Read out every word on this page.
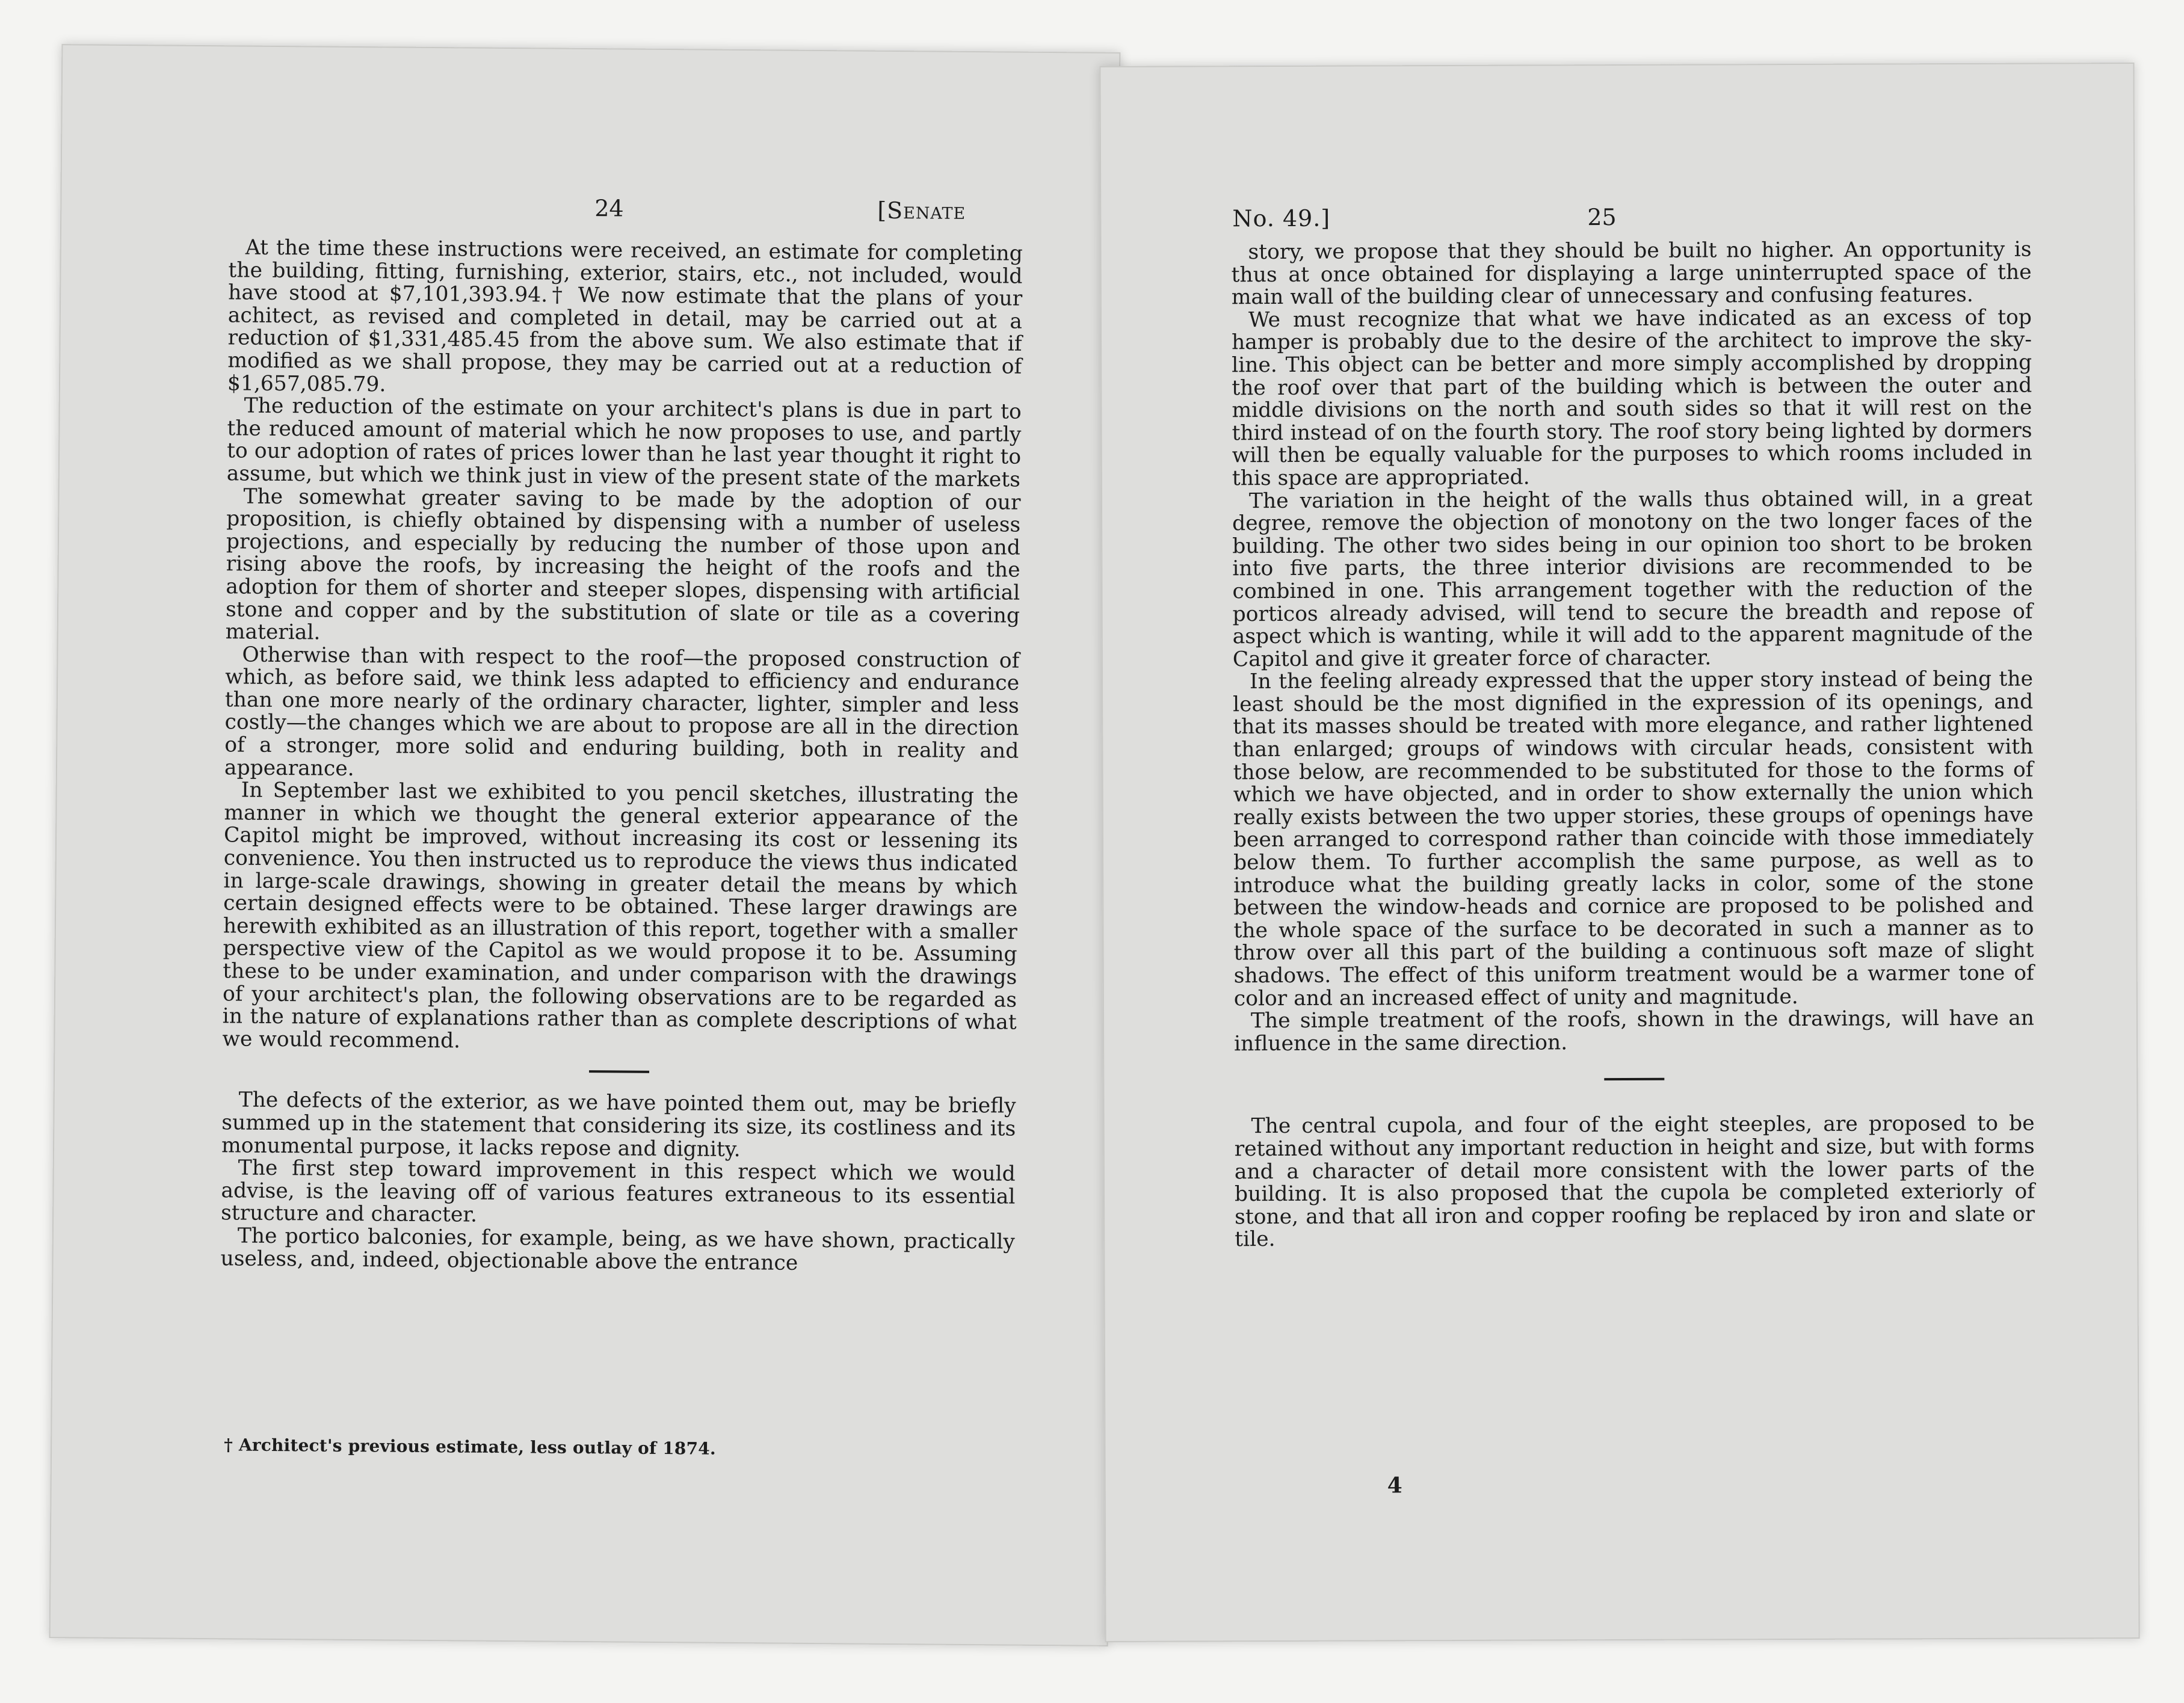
24	[Senate

At the time these instructions were received, an estimate for completing the building, fitting, furnishing, exterior, stairs, etc., not included, would have stood at $7,101,393.94.† We now estimate that the plans of your achitect, as revised and completed in detail, may be carried out at a reduction of $1,331,485.45 from the above sum. We also estimate that if modified as we shall propose, they may be carried out at a reduction of $1,657,085.79.

The reduction of the estimate on your architect's plans is due in part to the reduced amount of material which he now proposes to use, and partly to our adoption of rates of prices lower than he last year thought it right to assume, but which we think just in view of the present state of the markets

The somewhat greater saving to be made by the adoption of our proposition, is chiefly obtained by dispensing with a number of useless projections, and especially by reducing the number of those upon and rising above the roofs, by increasing the height of the roofs and the adoption for them of shorter and steeper slopes, dispensing with artificial stone and copper and by the substitution of slate or tile as a covering material.

Otherwise than with respect to the roof—the proposed construction of which, as before said, we think less adapted to efficiency and endurance than one more nearly of the ordinary character, lighter, simpler and less costly—the changes which we are about to propose are all in the direction of a stronger, more solid and enduring building, both in reality and appearance.

In September last we exhibited to you pencil sketches, illustrating the manner in which we thought the general exterior appearance of the Capitol might be improved, without increasing its cost or lessening its convenience. You then instructed us to reproduce the views thus indicated in large-scale drawings, showing in greater detail the means by which certain designed effects were to be obtained. These larger drawings are herewith exhibited as an illustration of this report, together with a smaller perspective view of the Capitol as we would propose it to be. Assuming these to be under examination, and under comparison with the drawings of your architect's plan, the following observations are to be regarded as in the nature of explanations rather than as complete descriptions of what we would recommend.

The defects of the exterior, as we have pointed them out, may be briefly summed up in the statement that considering its size, its costliness and its monumental purpose, it lacks repose and dignity.

The first step toward improvement in this respect which we would advise, is the leaving off of various features extraneous to its essential structure and character.

The portico balconies, for example, being, as we have shown, practically useless, and, indeed, objectionable above the entrance

† Architect's previous estimate, less outlay of 1874.
No. 49.]	25

story, we propose that they should be built no higher. An opportunity is thus at once obtained for displaying a large uninterrupted space of the main wall of the building clear of unnecessary and confusing features.

We must recognize that what we have indicated as an excess of top hamper is probably due to the desire of the architect to improve the sky-line. This object can be better and more simply accomplished by dropping the roof over that part of the building which is between the outer and middle divisions on the north and south sides so that it will rest on the third instead of on the fourth story. The roof story being lighted by dormers will then be equally valuable for the purposes to which rooms included in this space are appropriated.

The variation in the height of the walls thus obtained will, in a great degree, remove the objection of monotony on the two longer faces of the building. The other two sides being in our opinion too short to be broken into five parts, the three interior divisions are recommended to be combined in one. This arrangement together with the reduction of the porticos already advised, will tend to secure the breadth and repose of aspect which is wanting, while it will add to the apparent magnitude of the Capitol and give it greater force of character.

In the feeling already expressed that the upper story instead of being the least should be the most dignified in the expression of its openings, and that its masses should be treated with more elegance, and rather lightened than enlarged; groups of windows with circular heads, consistent with those below, are recommended to be substituted for those to the forms of which we have objected, and in order to show externally the union which really exists between the two upper stories, these groups of openings have been arranged to correspond rather than coincide with those immediately below them. To further accomplish the same purpose, as well as to introduce what the building greatly lacks in color, some of the stone between the window-heads and cornice are proposed to be polished and the whole space of the surface to be decorated in such a manner as to throw over all this part of the building a continuous soft maze of slight shadows. The effect of this uniform treatment would be a warmer tone of color and an increased effect of unity and magnitude.

The simple treatment of the roofs, shown in the drawings, will have an influence in the same direction.

The central cupola, and four of the eight steeples, are proposed to be retained without any important reduction in height and size, but with forms and a character of detail more consistent with the lower parts of the building. It is also proposed that the cupola be completed exteriorly of stone, and that all iron and copper roofing be replaced by iron and slate or tile.

4
